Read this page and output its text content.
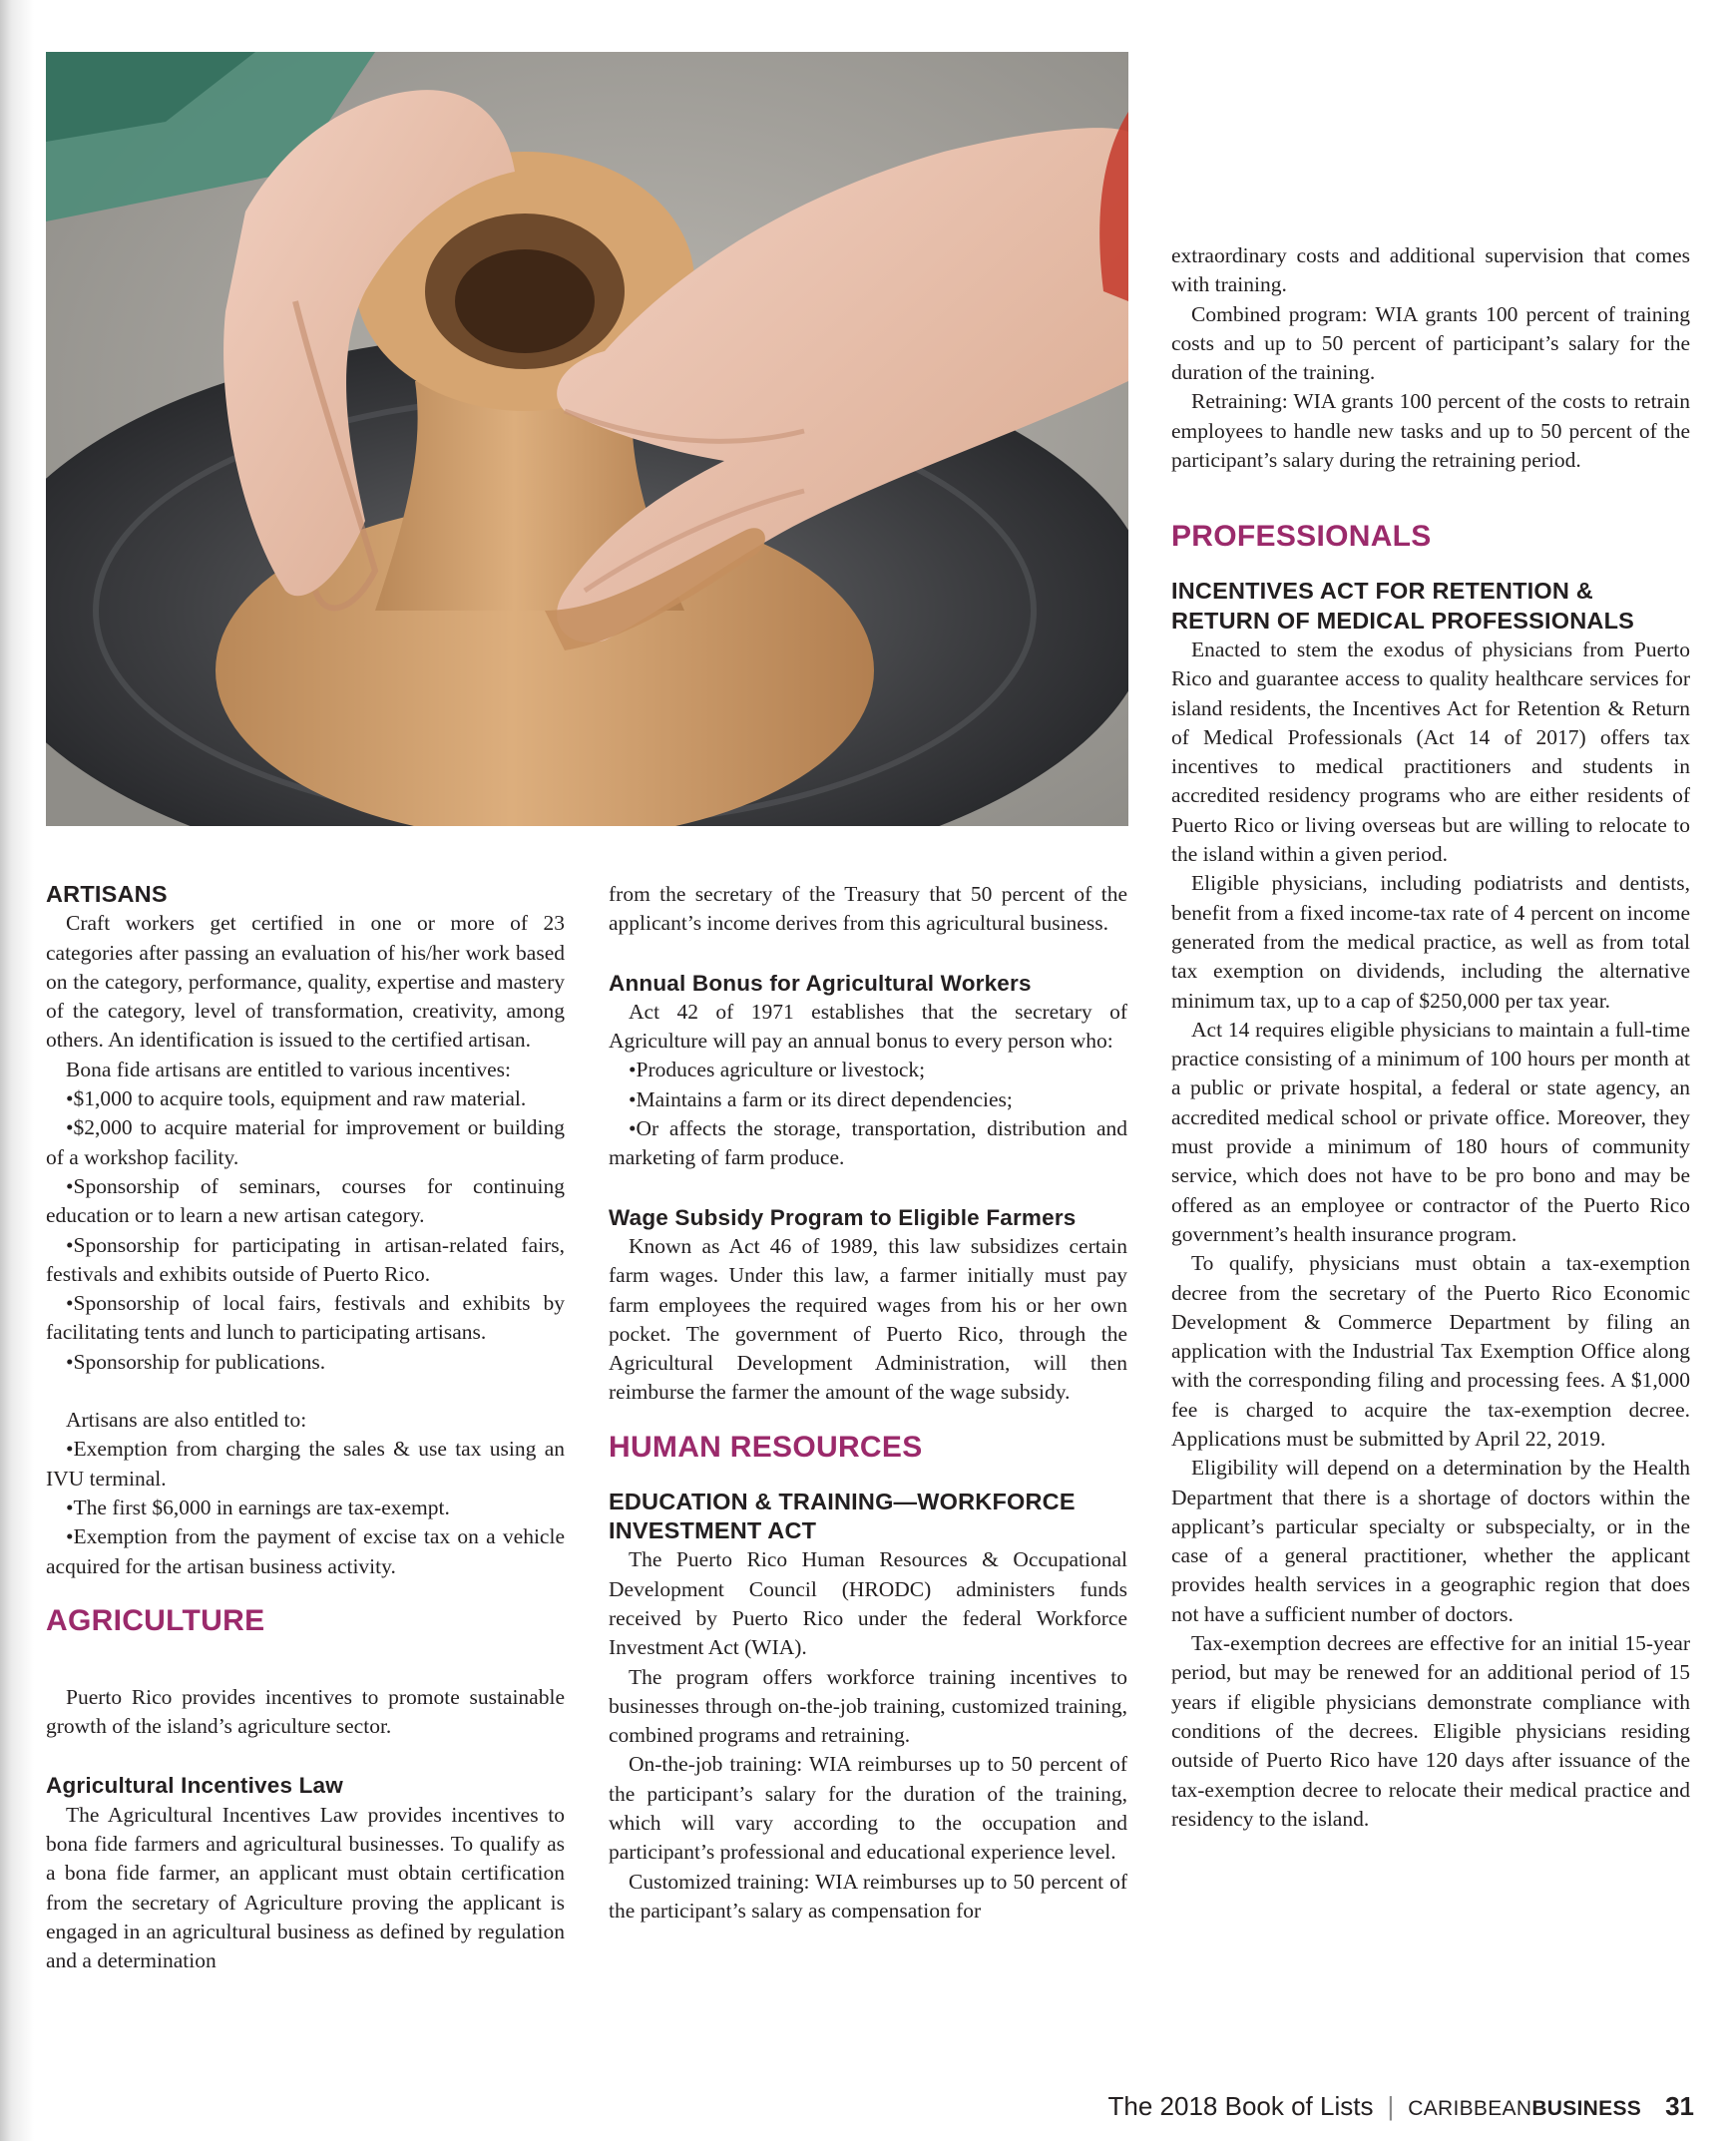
ARTISANS

Craft workers get certified in one or more of 23 categories after passing an evaluation of his/her work based on the category, performance, quality, expertise and mastery of the category, level of transformation, creativity, among others. An identification is issued to the certified artisan.

Bona fide artisans are entitled to various incentives:

•$1,000 to acquire tools, equipment and raw material.

•$2,000 to acquire material for improvement or building of a workshop facility.

•Sponsorship of seminars, courses for continuing education or to learn a new artisan category.

•Sponsorship for participating in artisan-related fairs, festivals and exhibits outside of Puerto Rico.

•Sponsorship of local fairs, festivals and exhibits by facilitating tents and lunch to participating artisans.

•Sponsorship for publications.

Artisans are also entitled to:

•Exemption from charging the sales & use tax using an IVU terminal.

•The first $6,000 in earnings are tax-exempt.

•Exemption from the payment of excise tax on a vehicle acquired for the artisan business activity.

AGRICULTURE

Puerto Rico provides incentives to promote sustainable growth of the island’s agriculture sector.

Agricultural Incentives Law

The Agricultural Incentives Law provides incentives to bona fide farmers and agricultural businesses. To qualify as a bona fide farmer, an applicant must obtain certification from the secretary of Agriculture proving the applicant is engaged in an agricultural business as defined by regulation and a determination

from the secretary of the Treasury that 50 percent of the applicant’s income derives from this agricultural business.

Annual Bonus for Agricultural Workers

Act 42 of 1971 establishes that the secretary of Agriculture will pay an annual bonus to every person who:

•Produces agriculture or livestock;

•Maintains a farm or its direct dependencies;

•Or affects the storage, transportation, distribution and marketing of farm produce.

Wage Subsidy Program to Eligible Farmers

Known as Act 46 of 1989, this law subsidizes certain farm wages. Under this law, a farmer initially must pay farm employees the required wages from his or her own pocket. The government of Puerto Rico, through the Agricultural Development Administration, will then reimburse the farmer the amount of the wage subsidy.

HUMAN RESOURCES
EDUCATION & TRAINING—WORKFORCE INVESTMENT ACT

The Puerto Rico Human Resources & Occupational Development Council (HRODC) administers funds received by Puerto Rico under the federal Workforce Investment Act (WIA).

The program offers workforce training incentives to businesses through on-the-job training, customized training, combined programs and retraining.

On-the-job training: WIA reimburses up to 50 percent of the participant’s salary for the duration of the training, which will vary according to the occupation and participant’s professional and educational experience level.

Customized training: WIA reimburses up to 50 percent of the participant’s salary as compensation for

extraordinary costs and additional supervision that comes with training.

Combined program: WIA grants 100 percent of training costs and up to 50 percent of participant’s salary for the duration of the training.

Retraining: WIA grants 100 percent of the costs to retrain employees to handle new tasks and up to 50 percent of the participant’s salary during the retraining period.

PROFESSIONALS
INCENTIVES ACT FOR RETENTION & RETURN OF MEDICAL PROFESSIONALS

Enacted to stem the exodus of physicians from Puerto Rico and guarantee access to quality healthcare services for island residents, the Incentives Act for Retention & Return of Medical Professionals (Act 14 of 2017) offers tax incentives to medical practitioners and students in accredited residency programs who are either residents of Puerto Rico or living overseas but are willing to relocate to the island within a given period.

Eligible physicians, including podiatrists and dentists, benefit from a fixed income-tax rate of 4 percent on income generated from the medical practice, as well as from total tax exemption on dividends, including the alternative minimum tax, up to a cap of $250,000 per tax year.

Act 14 requires eligible physicians to maintain a full-time practice consisting of a minimum of 100 hours per month at a public or private hospital, a federal or state agency, an accredited medical school or private office. Moreover, they must provide a minimum of 180 hours of community service, which does not have to be pro bono and may be offered as an employee or contractor of the Puerto Rico government’s health insurance program.

To qualify, physicians must obtain a tax-exemption decree from the secretary of the Puerto Rico Economic Development & Commerce Department by filing an application with the Industrial Tax Exemption Office along with the corresponding filing and processing fees. A $1,000 fee is charged to acquire the tax-exemption decree. Applications must be submitted by April 22, 2019.

Eligibility will depend on a determination by the Health Department that there is a shortage of doctors within the applicant’s particular specialty or subspecialty, or in the case of a general practitioner, whether the applicant provides health services in a geographic region that does not have a sufficient number of doctors.

Tax-exemption decrees are effective for an initial 15-year period, but may be renewed for an additional period of 15 years if eligible physicians demonstrate compliance with conditions of the decrees. Eligible physicians residing outside of Puerto Rico have 120 days after issuance of the tax-exemption decree to relocate their medical practice and residency to the island.

The 2018 Book of Lists | CARIBBEANBUSINESS 31
